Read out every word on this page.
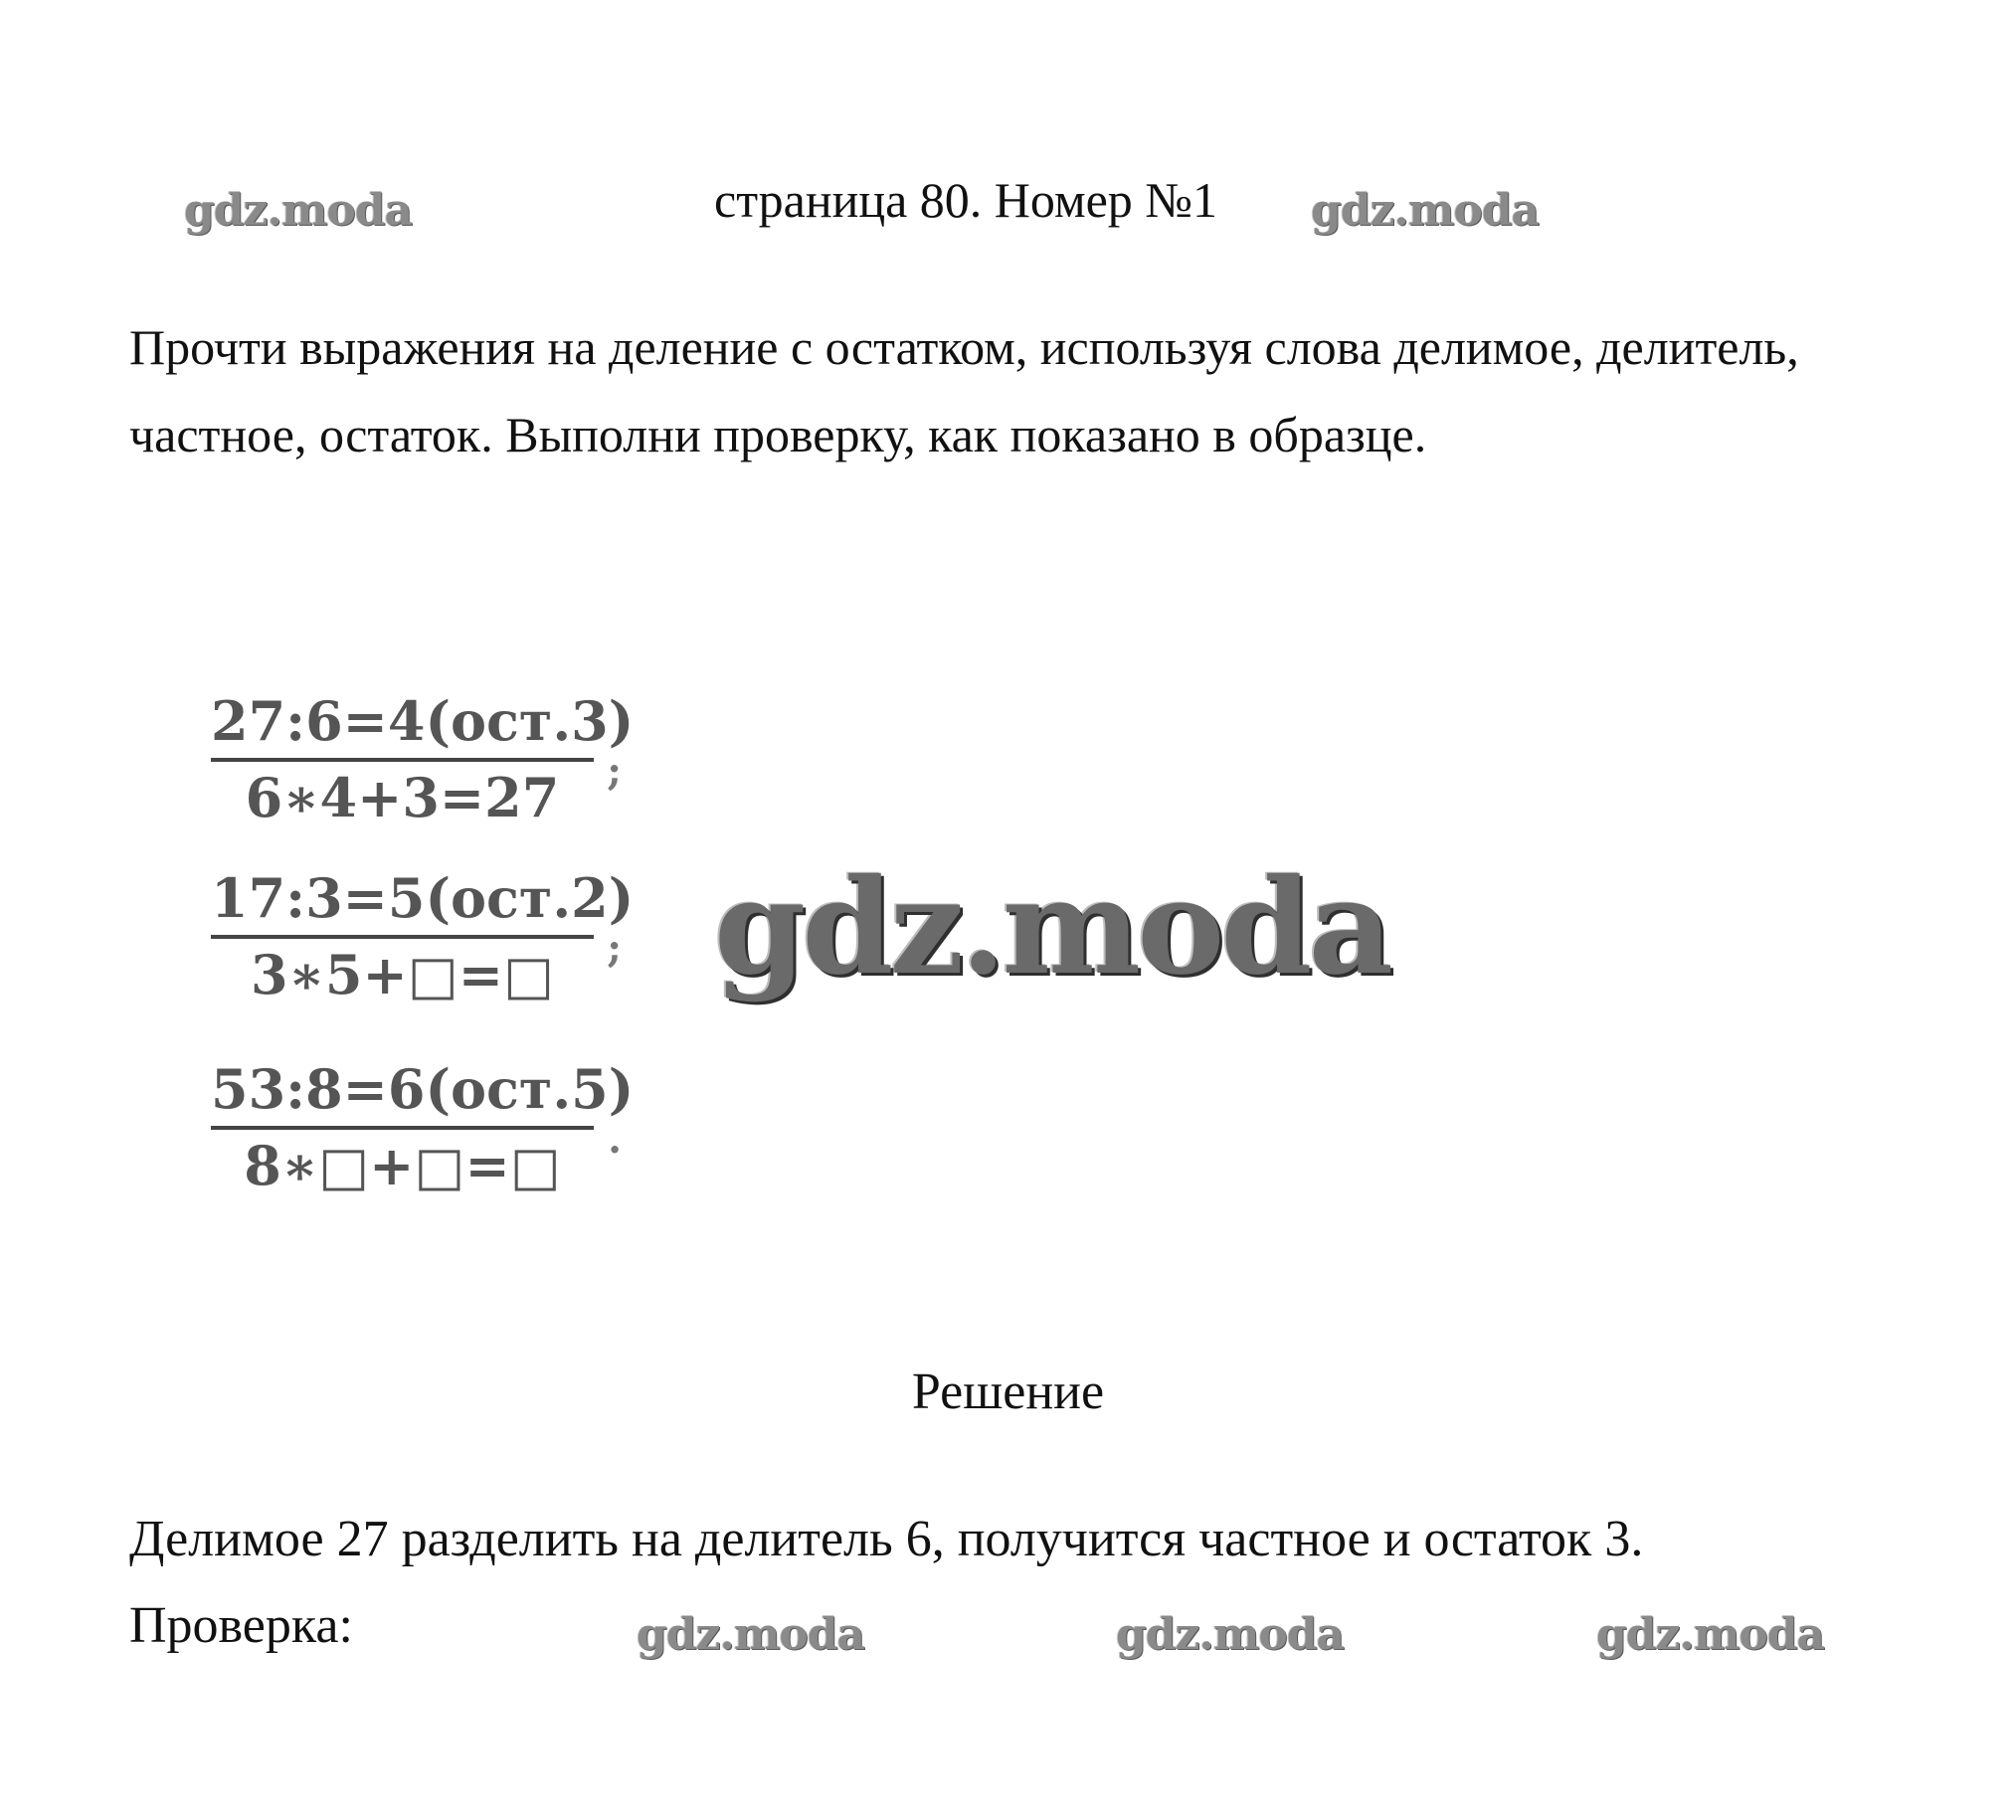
gdz.moda	страница 80. Номер №1 gdz.moda

Прочти выражения на деление с остатком, используя слова делимое, делитель, частное, остаток. Выполни проверку, как показано в образце.

27:6=4(ост.3)
6∗4+3=27	;
17:3=5(ост.2)
3∗5+□=□	;
53:8=6(ост.5)
8∗□+□=□	.
gdz.moda
Решение
Делимое 27 разделить на делитель 6, получится частное и остаток 3.
Проверка:	gdz.moda	gdz.moda	gdz.moda
